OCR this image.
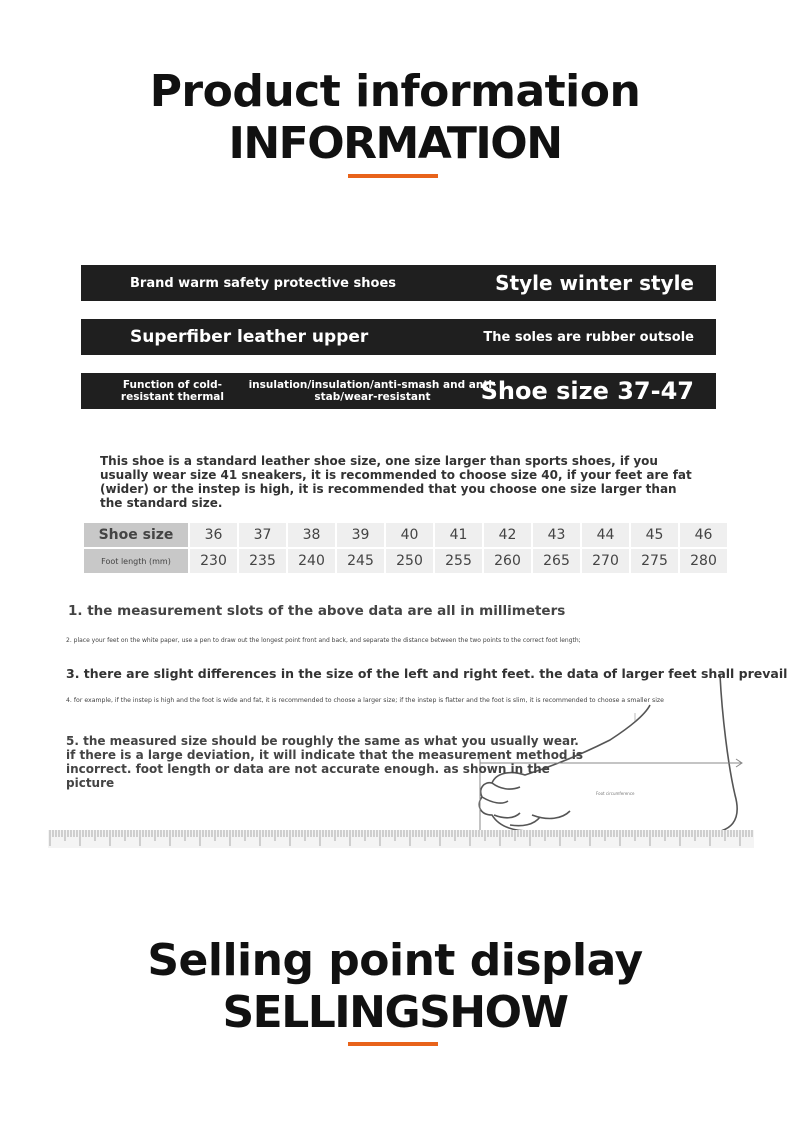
Product information
INFORMATION
Brand warm safety protective shoes	Style winter style
Superfiber leather upper	The soles are rubber outsole
Function of cold-resistant thermal
insulation/insulation/anti-smash and anti-stab/wear-resistant	Shoe size 37-47
This shoe is a standard leather shoe size, one size larger than sports shoes, if you usually wear size 41 sneakers, it is recommended to choose size 40, if your feet are fat (wider) or the instep is high, it is recommended that you choose one size larger than the standard size.
Shoe size	36	37	38	39	40	41	42	43	44	45	46
Foot length (mm)	230	235	240	245	250	255	260	265	270	275	280
Foot circumference
1. the measurement slots of the above data are all in millimeters
2. place your feet on the white paper, use a pen to draw out the longest point front and back, and separate the distance between the two points to the correct foot length;
3. there are slight differences in the size of the left and right feet. the data of larger feet shall prevail
4. for example, if the instep is high and the foot is wide and fat, it is recommended to choose a larger size; if the instep is flatter and the foot is slim, it is recommended to choose a smaller size
5. the measured size should be roughly the same as what you usually wear. if there is a large deviation, it will indicate that the measurement method is incorrect. foot length or data are not accurate enough. as shown in the picture
Selling point display
SELLINGSHOW
